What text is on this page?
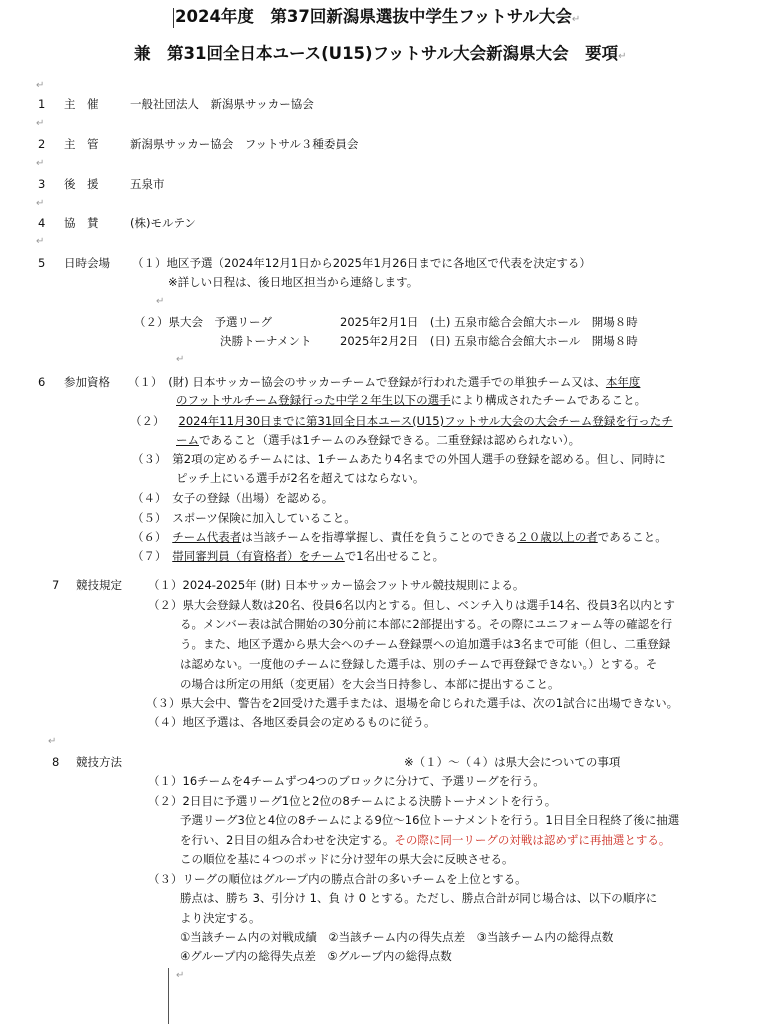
2024年度　第37回新潟県選抜中学生フットサル大会↵
兼　第31回全日本ユース(U15)フットサル大会新潟県大会　要項↵
↵
1 主　催	一般社団法人　新潟県サッカー協会
↵
2 主　管	新潟県サッカー協会　フットサル３種委員会
↵
3 後　援	五泉市
↵
4 協　賛	(株)モルテン
↵
5 日時会場 （１）地区予選（2024年12月1日から2025年1月26日までに各地区で代表を決定する）
※詳しい日程は、後日地区担当から連絡します。
↵
（２）県大会　予選リーグ	2025年2月1日　(土) 五泉市総合会館大ホール　開場８時
決勝トーナメント 2025年2月2日　(日) 五泉市総合会館大ホール　開場８時
↵
6 参加資格 （１）　(財) 日本サッカー協会のサッカーチームで登録が行われた選手での単独チーム又は、本年度
のフットサルチーム登録行った中学２年生以下の選手により構成されたチームであること。
（２） 2024年11月30日までに第31回全日本ユース(U15)フットサル大会の大会チーム登録を行ったチ
ームであること（選手は1チームのみ登録できる。二重登録は認められない）。
（３）　第2項の定めるチームには、1チームあたり4名までの外国人選手の登録を認める。但し、同時に
ピッチ上にいる選手が2名を超えてはならない。
（４）　女子の登録（出場）を認める。
（５）　スポーツ保険に加入していること。
（６）　チーム代表者は当該チームを指導掌握し、責任を負うことのできる２０歳以上の者であること。
（７）　帯同審判員（有資格者）をチームで1名出せること。
7 競技規定 （１）2024-2025年 (財) 日本サッカー協会フットサル競技規則による。
（２）県大会登録人数は20名、役員6名以内とする。但し、ベンチ入りは選手14名、役員3名以内とす
る。メンバー表は試合開始の30分前に本部に2部提出する。その際にユニフォーム等の確認を行
う。また、地区予選から県大会へのチーム登録票への追加選手は3名まで可能（但し、二重登録
は認めない。一度他のチームに登録した選手は、別のチームで再登録できない。）とする。そ
の場合は所定の用紙（変更届）を大会当日持参し、本部に提出すること。
（３）県大会中、警告を2回受けた選手または、退場を命じられた選手は、次の1試合に出場できない。
（４）地区予選は、各地区委員会の定めるものに従う。
↵
8 競技方法	※（１）～（４）は県大会についての事項
（１）16チームを4チームずつ4つのブロックに分けて、予選リーグを行う。
（２）2日目に予選リーグ1位と2位の8チームによる決勝トーナメントを行う。
予選リーグ3位と4位の8チームによる9位～16位トーナメントを行う。1日目全日程終了後に抽選
を行い、2日目の組み合わせを決定する。その際に同一リーグの対戦は認めずに再抽選とする。
この順位を基に４つのポッドに分け翌年の県大会に反映させる。
（３）リーグの順位はグループ内の勝点合計の多いチームを上位とする。
勝点は、勝ち 3、引分け 1、負 け 0 とする。ただし、勝点合計が同じ場合は、以下の順序に
より決定する。
①当該チーム内の対戦成績　②当該チーム内の得失点差　③当該チーム内の総得点数
④グループ内の総得失点差　⑤グループ内の総得点数
↵
